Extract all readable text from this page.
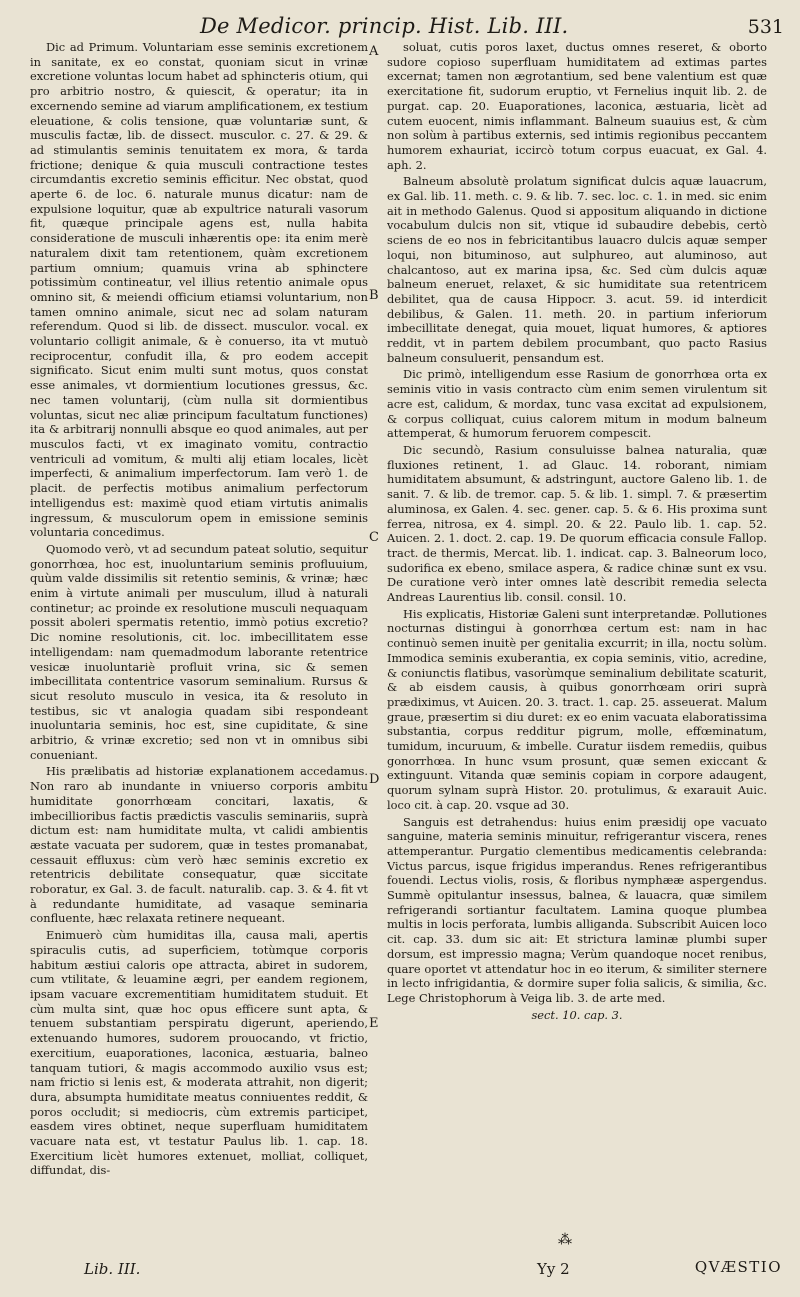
De Medicor. princip. Hist. Lib. III.	531

Dic ad Primum. Voluntariam esse seminis excretionem in sanitate, ex eo constat, quoniam sicut in vrinæ excretione voluntas locum habet ad sphincteris otium, qui pro arbitrio nostro, & quiescit, & operatur; ita in excernendo semine ad viarum amplificationem, ex testium eleuatione, & colis tensione, quæ voluntariæ sunt, & musculis factæ, lib. de dissect. musculor. c. 27. & 29. & ad stimulantis seminis tenuitatem ex mora, & tarda frictione; denique & quia musculi contractione testes circumdantis excretio seminis efficitur. Nec obstat, quod aperte 6. de loc. 6. naturale munus dicatur: nam de expulsione loquitur, quæ ab expultrice naturali vasorum fit, quæque principale agens est, nulla habita consideratione de musculi inhærentis ope: ita enim merè naturalem dixit tam retentionem, quàm excretionem partium omnium; quamuis vrina ab sphinctere potissimùm contineatur, vel illius retentio animale opus omnino sit, & meiendi officium etiamsi voluntarium, non tamen omnino animale, sicut nec ad solam naturam referendum. Quod si lib. de dissect. musculor. vocal. ex voluntario colligit animale, & è conuerso, ita vt mutuò reciprocentur, confudit illa, & pro eodem accepit significato. Sicut enim multi sunt motus, quos constat esse animales, vt dormientium locutiones gressus, &c. nec tamen voluntarij, (cùm nulla sit dormientibus voluntas, sicut nec aliæ principum facultatum functiones) ita & arbitrarij nonnulli absque eo quod animales, aut per musculos facti, vt ex imaginato vomitu, contractio ventriculi ad vomitum, & multi alij etiam locales, licèt imperfecti, & animalium imperfectorum. Iam verò 1. de placit. de perfectis motibus animalium perfectorum intelligendus est: maximè quod etiam virtutis animalis ingressum, & musculorum opem in emissione seminis voluntaria concedimus.

Quomodo verò, vt ad secundum pateat solutio, sequitur gonorrhœa, hoc est, inuoluntarium seminis profluuium, quùm valde dissimilis sit retentio seminis, & vrinæ; hæc enim à virtute animali per musculum, illud à naturali continetur; ac proinde ex resolutione musculi nequaquam possit aboleri spermatis retentio, immò potius excretio? Dic nomine resolutionis, cit. loc. imbecillitatem esse intelligendam: nam quemadmodum laborante retentrice vesicæ inuoluntariè profluit vrina, sic & semen imbecillitata contentrice vasorum seminalium. Rursus & sicut resoluto musculo in vesica, ita & resoluto in testibus, sic vt analogia quadam sibi respondeant inuoluntaria seminis, hoc est, sine cupiditate, & sine arbitrio, & vrinæ excretio; sed non vt in omnibus sibi conueniant.

His prælibatis ad historiæ explanationem accedamus. Non raro ab inundante in vniuerso corporis ambitu humiditate gonorrhœam concitari, laxatis, & imbecillioribus factis prædictis vasculis seminariis, suprà dictum est: nam humiditate multa, vt calidi ambientis æstate vacuata per sudorem, quæ in testes promanabat, cessauit effluxus: cùm verò hæc seminis excretio ex retentricis debilitate consequatur, quæ siccitate roboratur, ex Gal. 3. de facult. naturalib. cap. 3. & 4. fit vt à redundante humiditate, ad vasaque seminaria confluente, hæc relaxata retinere nequeant.

Enimuerò cùm humiditas illa, causa mali, apertis spiraculis cutis, ad superficiem, totùmque corporis habitum æstiui caloris ope attracta, abiret in sudorem, cum vtilitate, & leuamine ægri, per eandem regionem, ipsam vacuare excrementitiam humiditatem studuit. Et cùm multa sint, quæ hoc opus efficere sunt apta, & tenuem substantiam perspiratu digerunt, aperiendo, extenuando humores, sudorem prouocando, vt frictio, exercitium, euaporationes, laconica, æstuaria, balneo tanquam tutiori, & magis accommodo auxilio vsus est; nam frictio si lenis est, & moderata attrahit, non digerit; dura, absumpta humiditate meatus conniuentes reddit, & poros occludit; si mediocris, cùm extremis participet, easdem vires obtinet, neque superfluam humiditatem vacuare nata est, vt testatur Paulus lib. 1. cap. 18. Exercitium licèt humores extenuet, molliat, colliquet, diffundat, dis-

A
B
C
D
E

soluat, cutis poros laxet, ductus omnes reseret, & oborto sudore copioso superfluam humiditatem ad extimas partes excernat; tamen non ægrotantium, sed bene valentium est quæ exercitatione fit, sudorum eruptio, vt Fernelius inquit lib. 2. de purgat. cap. 20. Euaporationes, laconica, æstuaria, licèt ad cutem euocent, nimis inflammant. Balneum suauius est, & cùm non solùm à partibus externis, sed intimis regionibus peccantem humorem exhauriat, iccircò totum corpus euacuat, ex Gal. 4. aph. 2.

Balneum absolutè prolatum significat dulcis aquæ lauacrum, ex Gal. lib. 11. meth. c. 9. & lib. 7. sec. loc. c. 1. in med. sic enim ait in methodo Galenus. Quod si appositum aliquando in dictione vocabulum dulcis non sit, vtique id subaudire debebis, certò sciens de eo nos in febricitantibus lauacro dulcis aquæ semper loqui, non bituminoso, aut sulphureo, aut aluminoso, aut chalcantoso, aut ex marina ipsa, &c. Sed cùm dulcis aquæ balneum eneruet, relaxet, & sic humiditate sua retentricem debilitet, qua de causa Hippocr. 3. acut. 59. id interdicit debilibus, & Galen. 11. meth. 20. in partium inferiorum imbecillitate denegat, quia mouet, liquat humores, & aptiores reddit, vt in partem debilem procumbant, quo pacto Rasius balneum consuluerit, pensandum est.

Dic primò, intelligendum esse Rasium de gonorrhœa orta ex seminis vitio in vasis contracto cùm enim semen virulentum sit acre est, calidum, & mordax, tunc vasa excitat ad expulsionem, & corpus colliquat, cuius calorem mitum in modum balneum attemperat, & humorum feruorem compescit.

Dic secundò, Rasium consuluisse balnea naturalia, quæ fluxiones retinent, 1. ad Glauc. 14. roborant, nimiam humiditatem absumunt, & adstringunt, auctore Galeno lib. 1. de sanit. 7. & lib. de tremor. cap. 5. & lib. 1. simpl. 7. & præsertim aluminosa, ex Galen. 4. sec. gener. cap. 5. & 6. His proxima sunt ferrea, nitrosa, ex 4. simpl. 20. & 22. Paulo lib. 1. cap. 52. Auicen. 2. 1. doct. 2. cap. 19. De quorum efficacia consule Fallop. tract. de thermis, Mercat. lib. 1. indicat. cap. 3. Balneorum loco, sudorifica ex ebeno, smilace aspera, & radice chinæ sunt ex vsu. De curatione verò inter omnes latè describit remedia selecta Andreas Laurentius lib. consil. consil. 10.

His explicatis, Historiæ Galeni sunt interpretandæ. Pollutiones nocturnas distingui à gonorrhœa certum est: nam in hac continuò semen inuitè per genitalia excurrit; in illa, noctu solùm. Immodica seminis exuberantia, ex copia seminis, vitio, acredine, & coniunctis flatibus, vasorùmque seminalium debilitate scaturit, & ab eisdem causis, à quibus gonorrhœam oriri suprà prædiximus, vt Auicen. 20. 3. tract. 1. cap. 25. asseuerat. Malum graue, præsertim si diu duret: ex eo enim vacuata elaboratissima substantia, corpus redditur pigrum, molle, effœminatum, tumidum, incuruum, & imbelle. Curatur iisdem remediis, quibus gonorrhœa. In hunc vsum prosunt, quæ semen exiccant & extinguunt. Vitanda quæ seminis copiam in corpore adaugent, quorum sylnam suprà Histor. 20. protulimus, & exarauit Auic. loco cit. à cap. 20. vsque ad 30.

Sanguis est detrahendus: huius enim præsidij ope vacuato sanguine, materia seminis minuitur, refrigerantur viscera, renes attemperantur. Purgatio clementibus medicamentis celebranda: Victus parcus, isque frigidus imperandus. Renes refrigerantibus fouendi. Lectus violis, rosis, & floribus nymphææ aspergendus. Summè opitulantur insessus, balnea, & lauacra, quæ similem refrigerandi sortiantur facultatem. Lamina quoque plumbea multis in locis perforata, lumbis alliganda. Subscribit Auicen loco cit. cap. 33. dum sic ait: Et strictura laminæ plumbi super dorsum, est impressio magna; Verùm quandoque nocet renibus, quare oportet vt attendatur hoc in eo iterum, & similiter sternere in lecto infrigidantia, & dormire super folia salicis, & similia, &c. Lege Christophorum à Veiga lib. 3. de arte med.

sect. 10. cap. 3.

⁂
Lib. III.	Yy 2	QVÆSTIO
